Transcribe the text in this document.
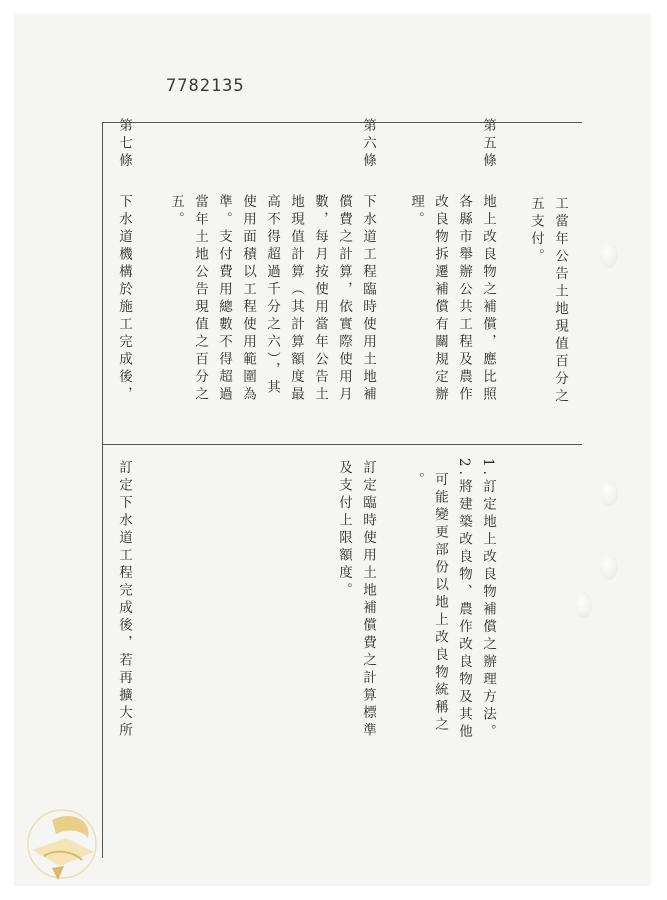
7782135
工當年公告土地現值百分之
五支付。
第五條
地上改良物之補償，應比照
各縣市舉辦公共工程及農作
改良物拆遷補償有關規定辦
理。
第六條
下水道工程臨時使用土地補
償費之計算，依實際使用月
數，每月按使用當年公告土
地現值計算（其計算額度最
高不得超過千分之六），其
使用面積以工程使用範圍為
準。支付費用總數不得超過
當年土地公告現值之百分之
五。
第七條
下水道機構於施工完成後，
1.訂定地上改良物補償之辦理方法。
2.將建築改良物、農作改良物及其他
可能變更部份以地上改良物統稱之
。
訂定臨時使用土地補償費之計算標準
及支付上限額度。
訂定下水道工程完成後，若再擴大所
